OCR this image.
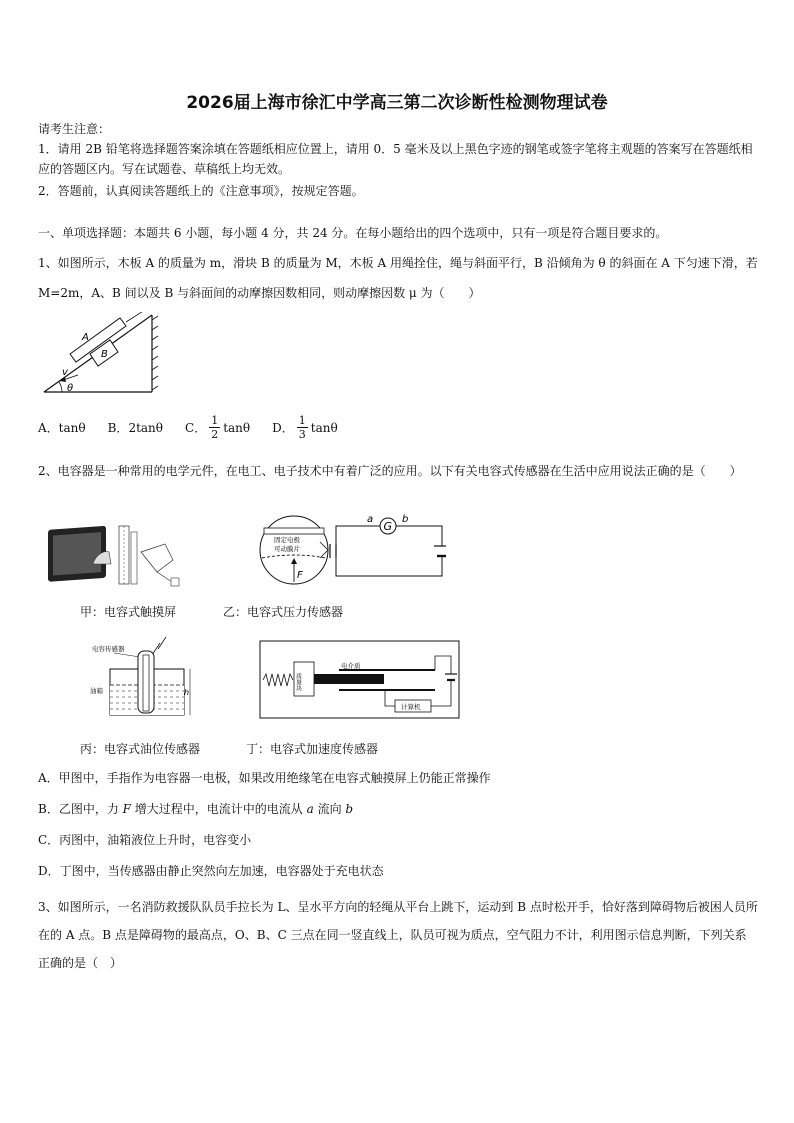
2026届上海市徐汇中学高三第二次诊断性检测物理试卷
请考生注意：
1．请用 2B 铅笔将选择题答案涂填在答题纸相应位置上，请用 0．5 毫米及以上黑色字迹的钢笔或签字笔将主观题的答案写在答题纸相应的答题区内。写在试题卷、草稿纸上均无效。
2．答题前，认真阅读答题纸上的《注意事项》，按规定答题。
一、单项选择题：本题共 6 小题，每小题 4 分，共 24 分。在每小题给出的四个选项中，只有一项是符合题目要求的。
1、如图所示，木板 A 的质量为 m，滑块 B 的质量为 M，木板 A 用绳拴住，绳与斜面平行，B 沿倾角为 θ 的斜面在 A 下匀速下滑，若 M=2m，A、B 间以及 B 与斜面间的动摩擦因数相同，则动摩擦因数 μ 为（　　）
A
B
v
θ
A． tanθ B． 2tanθ C． $\frac{1}{2}$ tanθ D． $\frac{1}{3}$ tanθ
2、电容器是一种常用的电学元件，在电工、电子技术中有着广泛的应用。以下有关电容式传感器在生活中应用说法正确的是（　　）
固定电极
可动膜片
F
G
a	b
甲：电容式触摸屏	乙：电容式压力传感器
电容传感器
油箱	h
质量块
电介质
计算机
丙：电容式油位传感器	丁：电容式加速度传感器
A．甲图中，手指作为电容器一电极，如果改用绝缘笔在电容式触摸屏上仍能正常操作
B．乙图中，力 F 增大过程中，电流计中的电流从 a 流向 b
C．丙图中，油箱液位上升时，电容变小
D．丁图中，当传感器由静止突然向左加速，电容器处于充电状态
3、如图所示，一名消防救援队队员手拉长为 L、呈水平方向的轻绳从平台上跳下，运动到 B 点时松开手，恰好落到障碍物后被困人员所在的 A 点。B 点是障碍物的最高点，O、B、C 三点在同一竖直线上，队员可视为质点，空气阻力不计，利用图示信息判断，下列关系正确的是（　）
